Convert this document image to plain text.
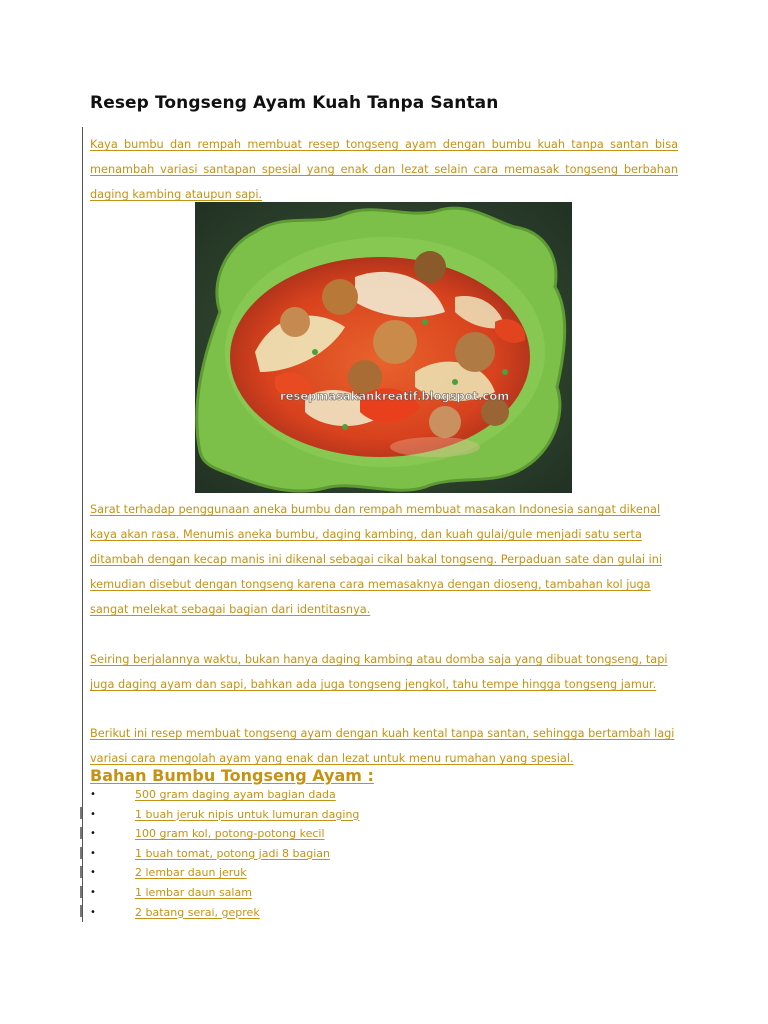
Resep Tongseng Ayam Kuah Tanpa Santan

Kaya bumbu dan rempah membuat resep tongseng ayam dengan bumbu kuah tanpa santan bisa menambah variasi santapan spesial yang enak dan lezat selain cara memasak tongseng berbahan daging kambing ataupun sapi.

resepmasakankreatif.blogspot.com

Sarat terhadap penggunaan aneka bumbu dan rempah membuat masakan Indonesia sangat dikenal kaya akan rasa. Menumis aneka bumbu, daging kambing, dan kuah gulai/gule menjadi satu serta ditambah dengan kecap manis ini dikenal sebagai cikal bakal tongseng. Perpaduan sate dan gulai ini kemudian disebut dengan tongseng karena cara memasaknya dengan dioseng, tambahan kol juga sangat melekat sebagai bagian dari identitasnya.

Seiring berjalannya waktu, bukan hanya daging kambing atau domba saja yang dibuat tongseng, tapi juga daging ayam dan sapi, bahkan ada juga tongseng jengkol, tahu tempe hingga tongseng jamur.

Berikut ini resep membuat tongseng ayam dengan kuah kental tanpa santan, sehingga bertambah lagi variasi cara mengolah ayam yang enak dan lezat untuk menu rumahan yang spesial.

Bahan Bumbu Tongseng Ayam :
•	500 gram daging ayam bagian dada
•	1 buah jeruk nipis untuk lumuran daging
•	100 gram kol, potong-potong kecil
•	1 buah tomat, potong jadi 8 bagian
•	2 lembar daun jeruk
•	1 lembar daun salam
•	2 batang serai, geprek
